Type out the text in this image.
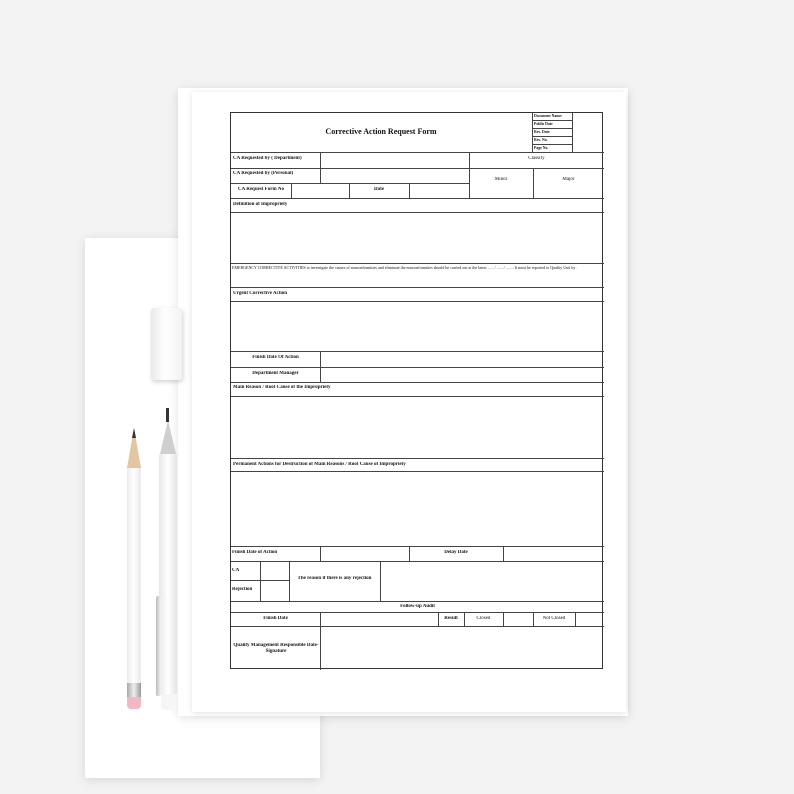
Corrective Action Request Form
Document Name:
Publis Date
Rev. Date
Rev. No.
Page No.
CA Requested by ( Department)	Classify
CA Requested by (Personal)
Minor	Major
CA Request Form No	Date
Definition of Impropriety
EMERGENCY CORRECTIVE ACTIVITIES to investigate the causes of nonconformities and eliminate the nonconformities should be carried out at the latest ...... / ...... / ........ It must be reported to Quality Unit by .
Urgent Corrective Action
Finish Date Of Action
Department Manager
Main Reason / Root Cause of the Impropriety
Permanent Actions for Destruction of Main Reasons / Root Cause of Impropriety
Finish Date of Action	Delay Date
CA
Rejection
The reason if there is any rejection
Follow-up Audit
Finish Date	Result	Closed	Not Closed
Quality Management Responsible Date-Signature
